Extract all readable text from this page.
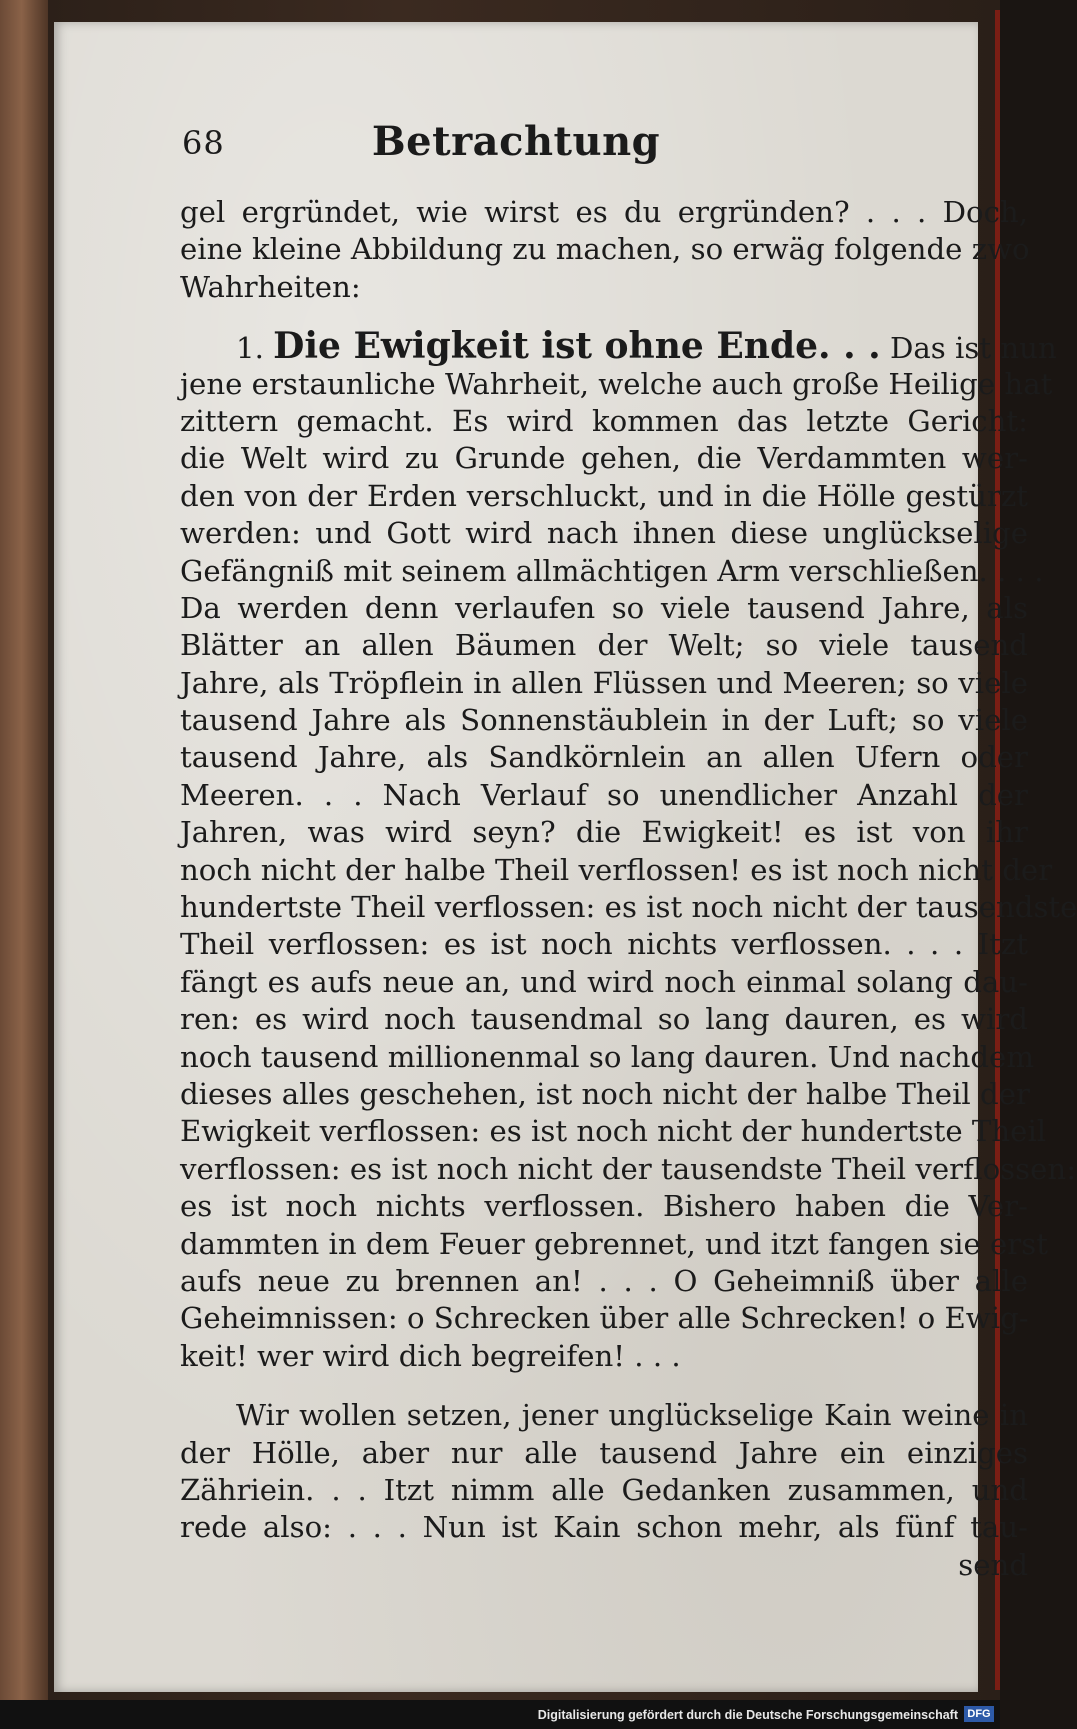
68	Betrachtung

gel ergründet, wie wirst es du ergründen? . . . Doch,
eine kleine Abbildung zu machen, so erwäg folgende zwo
Wahrheiten:

1. Die Ewigkeit ist ohne Ende. . . Das ist nun
jene erstaunliche Wahrheit, welche auch große Heilige hat
zittern gemacht. Es wird kommen das letzte Gericht:
die Welt wird zu Grunde gehen, die Verdammten wer-
den von der Erden verschluckt, und in die Hölle gestürzt
werden: und Gott wird nach ihnen diese unglückselige
Gefängniß mit seinem allmächtigen Arm verschließen. . . .
Da werden denn verlaufen so viele tausend Jahre, als
Blätter an allen Bäumen der Welt; so viele tausend
Jahre, als Tröpflein in allen Flüssen und Meeren; so viele
tausend Jahre als Sonnenstäublein in der Luft; so viele
tausend Jahre, als Sandkörnlein an allen Ufern oder
Meeren. . . Nach Verlauf so unendlicher Anzahl der
Jahren, was wird seyn? die Ewigkeit! es ist von ihr
noch nicht der halbe Theil verflossen! es ist noch nicht der
hundertste Theil verflossen: es ist noch nicht der tausendste
Theil verflossen: es ist noch nichts verflossen. . . . Itzt
fängt es aufs neue an, und wird noch einmal solang dau-
ren: es wird noch tausendmal so lang dauren, es wird
noch tausend millionenmal so lang dauren. Und nachdem
dieses alles geschehen, ist noch nicht der halbe Theil der
Ewigkeit verflossen: es ist noch nicht der hundertste Theil
verflossen: es ist noch nicht der tausendste Theil verflossen:
es ist noch nichts verflossen. Bishero haben die Ver-
dammten in dem Feuer gebrennet, und itzt fangen sie erst
aufs neue zu brennen an! . . . O Geheimniß über alle
Geheimnissen: o Schrecken über alle Schrecken! o Ewig-
keit! wer wird dich begreifen! . . .

Wir wollen setzen, jener unglückselige Kain weine in
der Hölle, aber nur alle tausend Jahre ein einziges
Zähriein. . . Itzt nimm alle Gedanken zusammen, und
rede also: . . . Nun ist Kain schon mehr, als fünf tau-
send

Digitalisierung gefördert durch die Deutsche Forschungsgemeinschaft DFG
